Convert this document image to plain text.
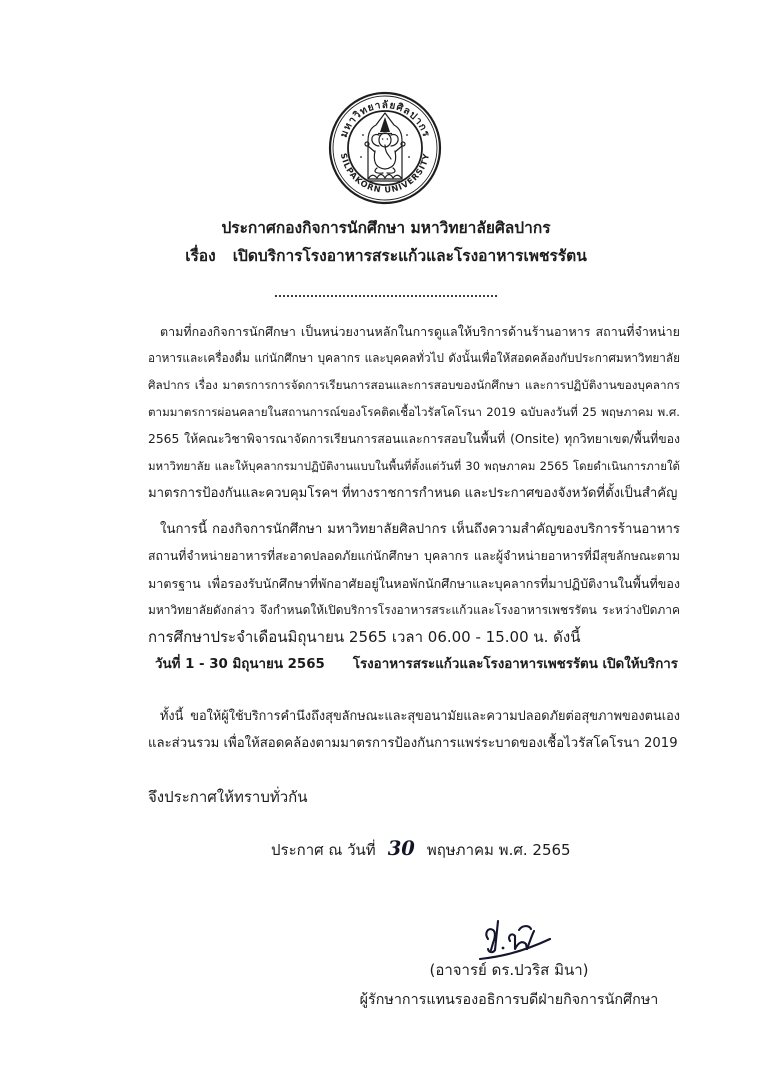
มหาวิทยาลัยศิลปากร
SILPAKORN UNIVERSITY
ประกาศกองกิจการนักศึกษา มหาวิทยาลัยศิลปากร
เรื่อง เปิดบริการโรงอาหารสระแก้วและโรงอาหารเพชรรัตน
ตามที่กองกิจการนักศึกษา เป็นหน่วยงานหลักในการดูแลให้บริการด้านร้านอาหาร สถานที่จำหน่าย
อาหารและเครื่องดื่ม แก่นักศึกษา บุคลากร และบุคคลทั่วไป ดังนั้นเพื่อให้สอดคล้องกับประกาศมหาวิทยาลัย
ศิลปากร เรื่อง มาตรการการจัดการเรียนการสอนและการสอบของนักศึกษา และการปฏิบัติงานของบุคลากร
ตามมาตรการผ่อนคลายในสถานการณ์ของโรคติดเชื้อไวรัสโคโรนา 2019 ฉบับลงวันที่ 25 พฤษภาคม พ.ศ.
2565 ให้คณะวิชาพิจารณาจัดการเรียนการสอนและการสอบในพื้นที่ (Onsite) ทุกวิทยาเขต/พื้นที่ของ
มหาวิทยาลัย และให้บุคลากรมาปฏิบัติงานแบบในพื้นที่ตั้งแต่วันที่ 30 พฤษภาคม 2565 โดยดำเนินการภายใต้
มาตรการป้องกันและควบคุมโรคฯ ที่ทางราชการกำหนด และประกาศของจังหวัดที่ตั้งเป็นสำคัญ
ในการนี้ กองกิจการนักศึกษา มหาวิทยาลัยศิลปากร เห็นถึงความสำคัญของบริการร้านอาหาร
สถานที่จำหน่ายอาหารที่สะอาดปลอดภัยแก่นักศึกษา บุคลากร และผู้จำหน่ายอาหารที่มีสุขลักษณะตาม
มาตรฐาน เพื่อรองรับนักศึกษาที่พักอาศัยอยู่ในหอพักนักศึกษาและบุคลากรที่มาปฏิบัติงานในพื้นที่ของ
มหาวิทยาลัยดังกล่าว จึงกำหนดให้เปิดบริการโรงอาหารสระแก้วและโรงอาหารเพชรรัตน ระหว่างปิดภาค
การศึกษาประจำเดือนมิถุนายน 2565 เวลา 06.00 - 15.00 น. ดังนี้
วันที่ 1 - 30 มิถุนายน 2565 โรงอาหารสระแก้วและโรงอาหารเพชรรัตน เปิดให้บริการ
ทั้งนี้ ขอให้ผู้ใช้บริการคำนึงถึงสุขลักษณะและสุขอนามัยและความปลอดภัยต่อสุขภาพของตนเอง
และส่วนรวม เพื่อให้สอดคล้องตามมาตรการป้องกันการแพร่ระบาดของเชื้อไวรัสโคโรนา 2019
จึงประกาศให้ทราบทั่วกัน
ประกาศ ณ วันที่ 30 พฤษภาคม พ.ศ. 2565
(อาจารย์ ดร.ปวริส มินา)
ผู้รักษาการแทนรองอธิการบดีฝ่ายกิจการนักศึกษา
